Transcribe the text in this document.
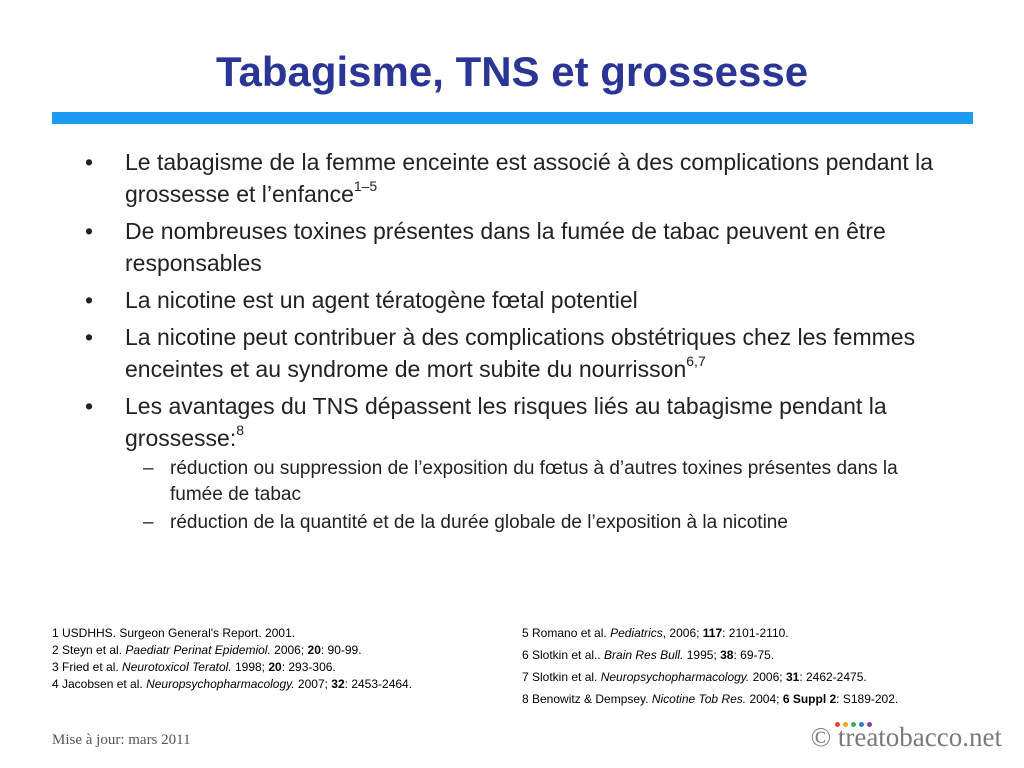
Tabagisme, TNS et grossesse
• Le tabagisme de la femme enceinte est associé à des complications pendant la grossesse et l’enfance$^{1-5}$
• De nombreuses toxines présentes dans la fumée de tabac peuvent en être responsables
• La nicotine est un agent tératogène fœtal potentiel
• La nicotine peut contribuer à des complications obstétriques chez les femmes enceintes et au syndrome de mort subite du nourrisson$^{6,7}$
• Les avantages du TNS dépassent les risques liés au tabagisme pendant la grossesse:$^8$
– réduction ou suppression de l’exposition du fœtus à d’autres toxines présentes dans la fumée de tabac
– réduction de la quantité et de la durée globale de l’exposition à la nicotine
1 USDHHS. Surgeon General's Report. 2001.
2 Steyn et al. Paediatr Perinat Epidemiol. 2006; 20: 90-99.
3 Fried et al. Neurotoxicol Teratol. 1998; 20: 293-306.
4 Jacobsen et al. Neuropsychopharmacology. 2007; 32: 2453-2464.
5 Romano et al. Pediatrics, 2006; 117: 2101-2110.
6 Slotkin et al.. Brain Res Bull. 1995; 38: 69-75.
7 Slotkin et al. Neuropsychopharmacology. 2006; 31: 2462-2475.
8 Benowitz & Dempsey. Nicotine Tob Res. 2004; 6 Suppl 2: S189-202.
Mise à jour: mars 2011	© treatobacco.net
